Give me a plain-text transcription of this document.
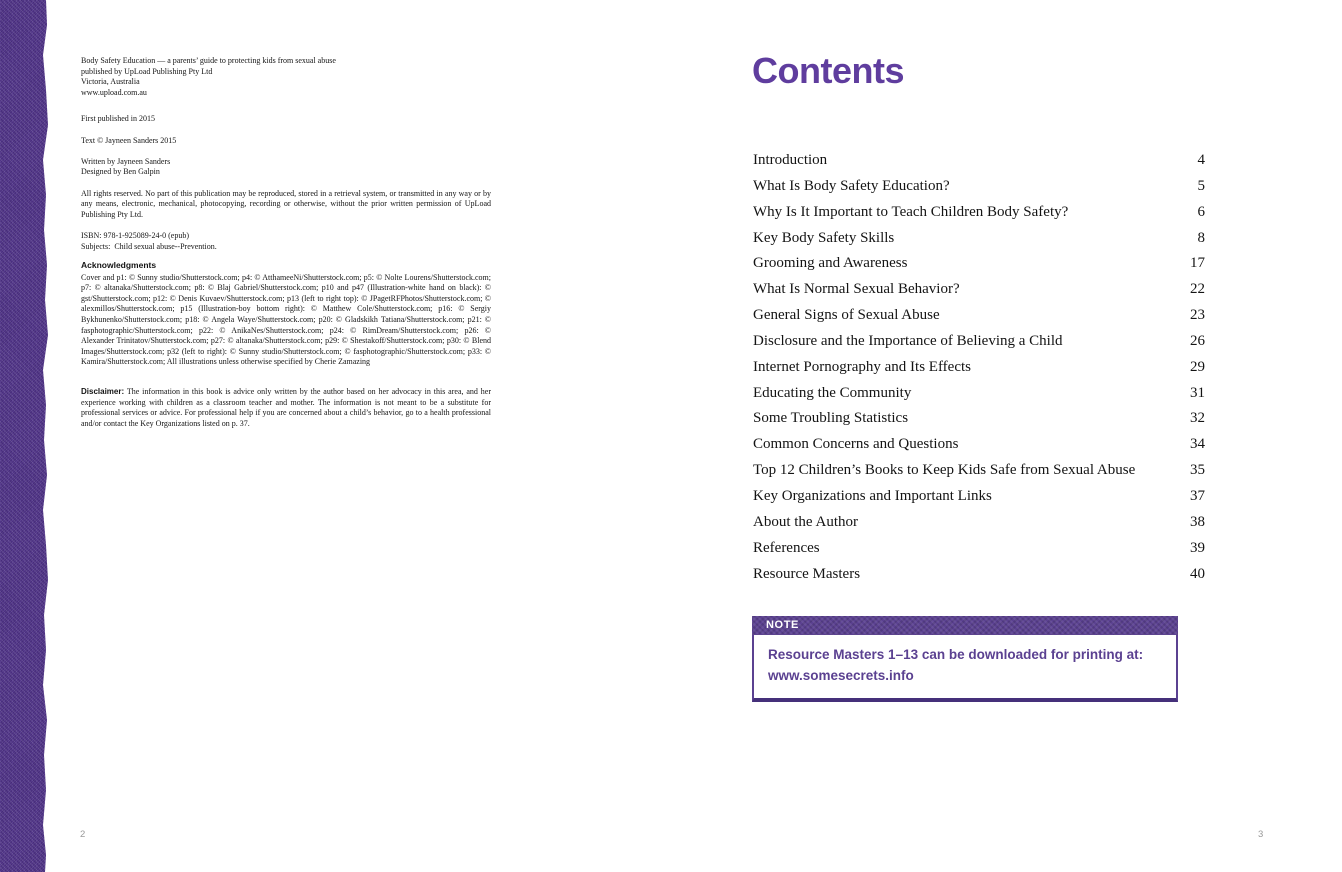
Body Safety Education — a parents’ guide to protecting kids from sexual abuse
published by UpLoad Publishing Pty Ltd
Victoria, Australia
www.upload.com.au

First published in 2015

Text © Jayneen Sanders 2015

Written by Jayneen Sanders
Designed by Ben Galpin

All rights reserved. No part of this publication may be reproduced, stored in a retrieval system, or transmitted in any way or by any means, electronic, mechanical, photocopying, recording or otherwise, without the prior written permission of UpLoad Publishing Pty Ltd.

ISBN: 978-1-925089-24-0 (epub)
Subjects:  Child sexual abuse--Prevention.

Acknowledgments

Cover and p1: © Sunny studio/Shutterstock.com; p4: © AtthameeNi/Shutterstock.com; p5: © Nolte Lourens/Shutterstock.com; p7: © altanaka/Shutterstock.com; p8: © Blaj Gabriel/Shutterstock.com; p10 and p47 (Illustration-white hand on black): © gst/Shutterstock.com; p12: © Denis Kuvaev/Shutterstock.com; p13 (left to right top): © JPagetRFPhotos/Shutterstock.com; © alexmillos/Shutterstock.com; p15 (Illustration-boy bottom right): © Matthew Cole/Shutterstock.com; p16: © Sergiy Bykhunenko/Shutterstock.com; p18: © Angela Waye/Shutterstock.com; p20: © Gladskikh Tatiana/Shutterstock.com; p21: © fasphotographic/Shutterstock.com; p22: © AnikaNes/Shutterstock.com; p24: © RimDream/Shutterstock.com; p26: © Alexander Trinitatov/Shutterstock.com; p27: © altanaka/Shutterstock.com; p29: © Shestakoff/Shutterstock.com; p30: © Blend Images/Shutterstock.com; p32 (left to right): © Sunny studio/Shutterstock.com; © fasphotographic/Shutterstock.com; p33: © Kamira/Shutterstock.com; All illustrations unless otherwise specified by Cherie Zamazing

Disclaimer: The information in this book is advice only written by the author based on her advocacy in this area, and her experience working with children as a classroom teacher and mother. The information is not meant to be a substitute for professional services or advice. For professional help if you are concerned about a child’s behavior, go to a health professional and/or contact the Key Organizations listed on p. 37.

Contents
Introduction	4
What Is Body Safety Education?	5
Why Is It Important to Teach Children Body Safety?	6
Key Body Safety Skills	8
Grooming and Awareness	17
What Is Normal Sexual Behavior?	22
General Signs of Sexual Abuse	23
Disclosure and the Importance of Believing a Child	26
Internet Pornography and Its Effects	29
Educating the Community	31
Some Troubling Statistics	32
Common Concerns and Questions	34
Top 12 Children’s Books to Keep Kids Safe from Sexual Abuse	35
Key Organizations and Important Links	37
About the Author	38
References	39
Resource Masters	40
NOTE
Resource Masters 1–13 can be downloaded for printing at:
www.somesecrets.info
2	3
